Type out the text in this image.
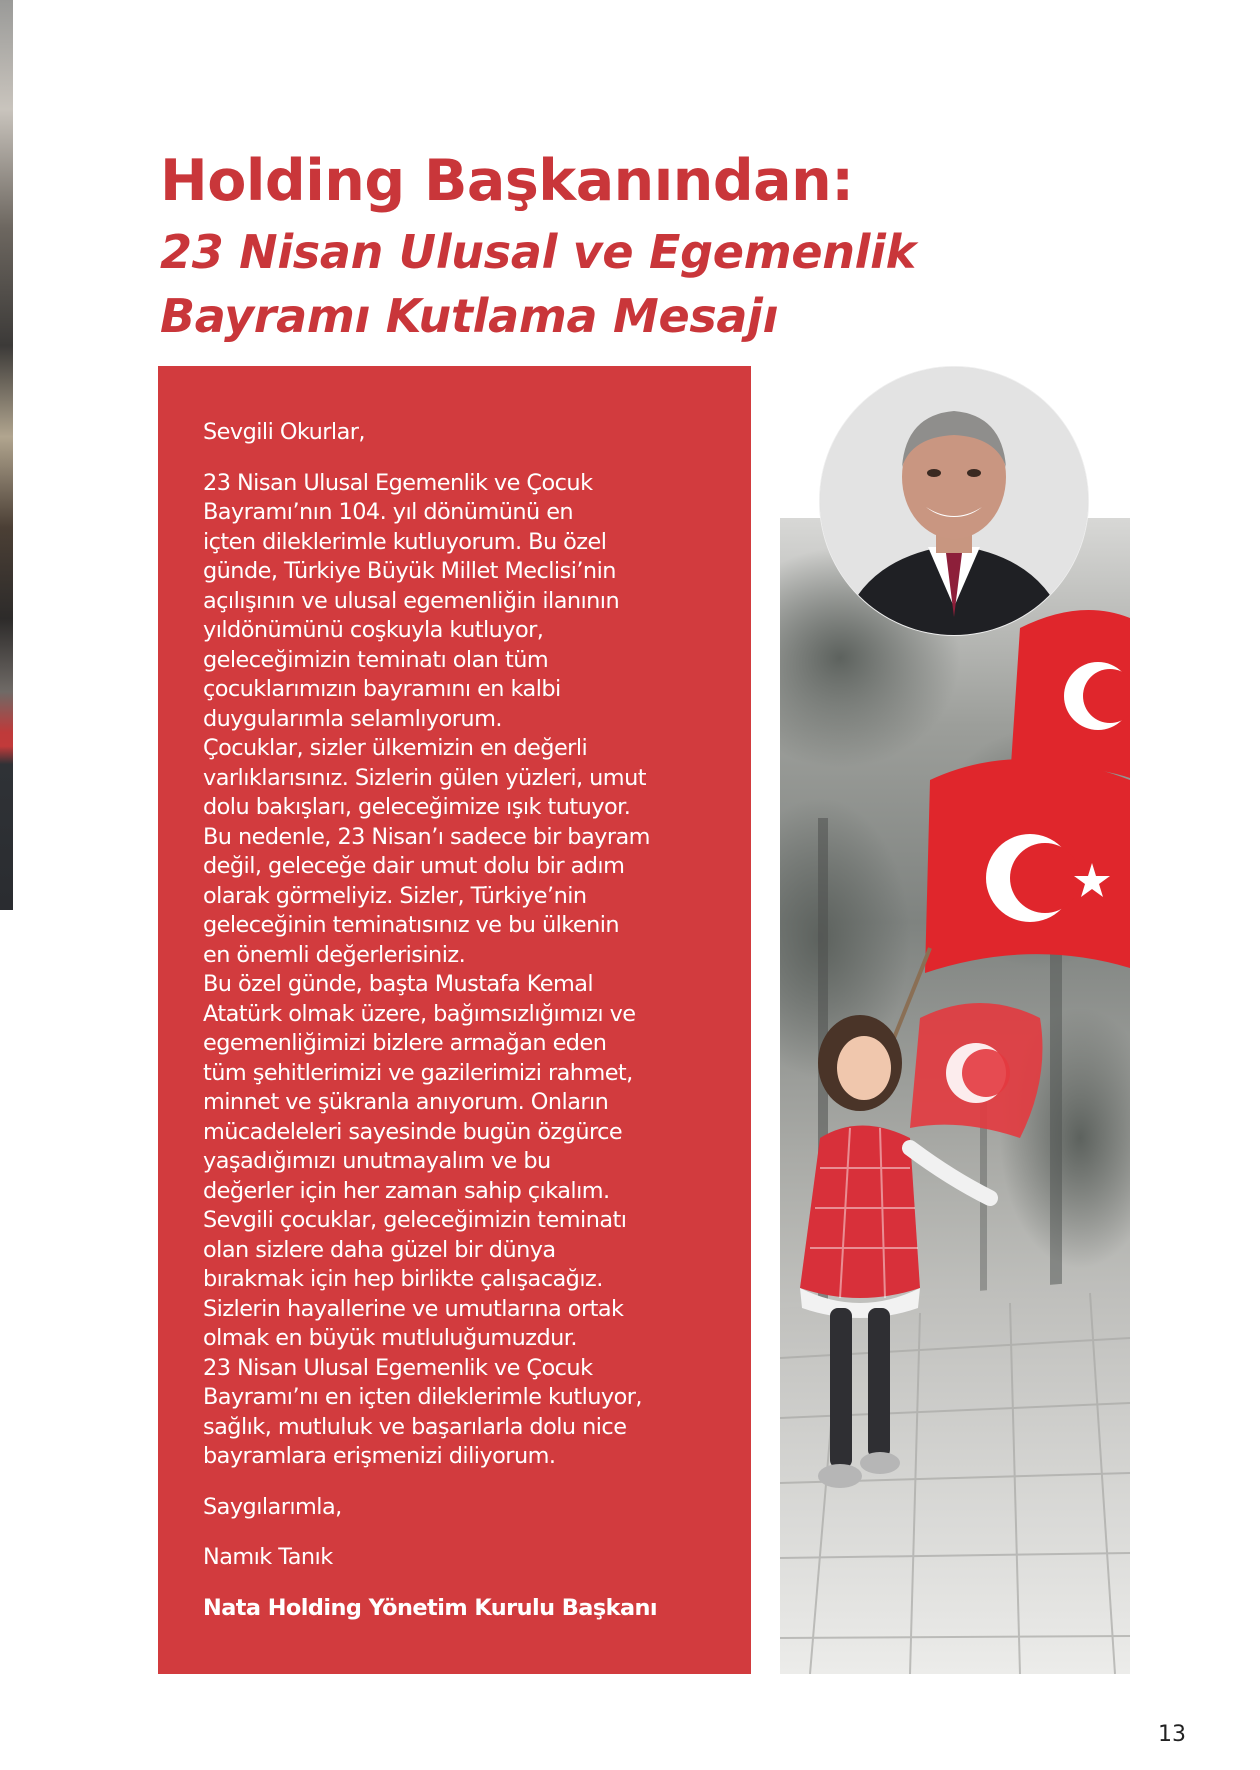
Holding Başkanından:
23 Nisan Ulusal ve Egemenlik
Bayramı Kutlama Mesajı

Sevgili Okurlar,

23 Nisan Ulusal Egemenlik ve Çocuk
Bayramı’nın 104. yıl dönümünü en
içten dileklerimle kutluyorum. Bu özel
günde, Türkiye Büyük Millet Meclisi’nin
açılışının ve ulusal egemenliğin ilanının
yıldönümünü coşkuyla kutluyor,
geleceğimizin teminatı olan tüm
çocuklarımızın bayramını en kalbi
duygularımla selamlıyorum.
Çocuklar, sizler ülkemizin en değerli
varlıklarısınız. Sizlerin gülen yüzleri, umut
dolu bakışları, geleceğimize ışık tutuyor.
Bu nedenle, 23 Nisan’ı sadece bir bayram
değil, geleceğe dair umut dolu bir adım
olarak görmeliyiz. Sizler, Türkiye’nin
geleceğinin teminatısınız ve bu ülkenin
en önemli değerlerisiniz.
Bu özel günde, başta Mustafa Kemal
Atatürk olmak üzere, bağımsızlığımızı ve
egemenliğimizi bizlere armağan eden
tüm şehitlerimizi ve gazilerimizi rahmet,
minnet ve şükranla anıyorum. Onların
mücadeleleri sayesinde bugün özgürce
yaşadığımızı unutmayalım ve bu
değerler için her zaman sahip çıkalım.
Sevgili çocuklar, geleceğimizin teminatı
olan sizlere daha güzel bir dünya
bırakmak için hep birlikte çalışacağız.
Sizlerin hayallerine ve umutlarına ortak
olmak en büyük mutluluğumuzdur.
23 Nisan Ulusal Egemenlik ve Çocuk
Bayramı’nı en içten dileklerimle kutluyor,
sağlık, mutluluk ve başarılarla dolu nice
bayramlara erişmenizi diliyorum.

Saygılarımla,

Namık Tanık

Nata Holding Yönetim Kurulu Başkanı

13
